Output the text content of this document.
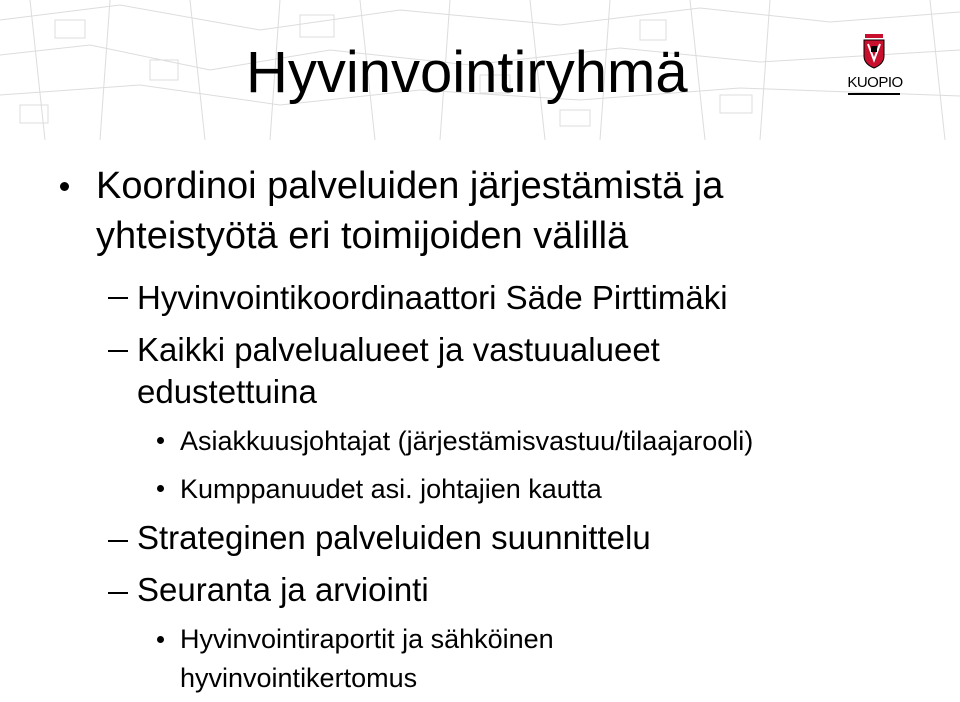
Hyvinvointiryhmä	KUOPIO
Koordinoi palveluiden järjestämistä ja
yhteistyötä eri toimijoiden välillä
Hyvinvointikoordinaattori Säde Pirttimäki
Kaikki palvelualueet ja vastuualueet
edustettuina
Asiakkuusjohtajat (järjestämisvastuu/tilaajarooli)
Kumppanuudet asi. johtajien kautta
Strateginen palveluiden suunnittelu
Seuranta ja arviointi
Hyvinvointiraportit ja sähköinen
hyvinvointikertomus
